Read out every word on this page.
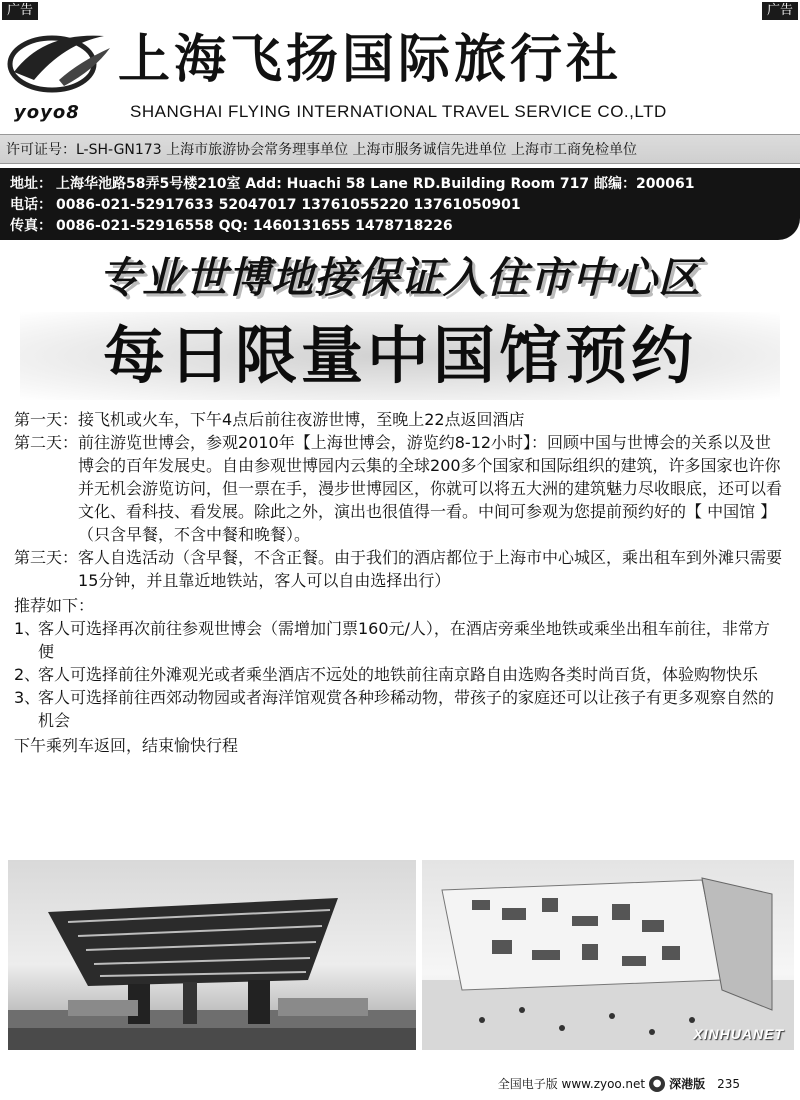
广告	广告
yoyo8
上海飞扬国际旅行社
SHANGHAI FLYING INTERNATIONAL TRAVEL SERVICE CO.,LTD
许可证号：L-SH-GN173 上海市旅游协会常务理事单位 上海市服务诚信先进单位 上海市工商免检单位
地址： 上海华池路58弄5号楼210室 Add: Huachi 58 Lane RD.Building Room 717 邮编：200061
电话： 0086-021-52917633 52047017 13761055220 13761050901
传真： 0086-021-52916558 QQ: 1460131655 1478718226
专业世博地接保证入住市中心区
每日限量中国馆预约
第一天： 接飞机或火车，下午4点后前往夜游世博，至晚上22点返回酒店
第二天： 前往游览世博会，参观2010年【上海世博会，游览约8-12小时】：回顾中国与世博会的关系以及世博会的百年发展史。自由参观世博园内云集的全球200多个国家和国际组织的建筑，许多国家也许你并无机会游览访问，但一票在手，漫步世博园区，你就可以将五大洲的建筑魅力尽收眼底，还可以看文化、看科技、看发展。除此之外，演出也很值得一看。中间可参观为您提前预约好的【 中国馆 】（只含早餐，不含中餐和晚餐）。
第三天： 客人自选活动（含早餐，不含正餐。由于我们的酒店都位于上海市中心城区，乘出租车到外滩只需要15分钟，并且靠近地铁站，客人可以自由选择出行）
推荐如下：
1、
客人可选择再次前往参观世博会（需增加门票160元/人），在酒店旁乘坐地铁或乘坐出租车前往，非常方便
2、
客人可选择前往外滩观光或者乘坐酒店不远处的地铁前往南京路自由选购各类时尚百货，体验购物快乐
3、
客人可选择前往西郊动物园或者海洋馆观赏各种珍稀动物，带孩子的家庭还可以让孩子有更多观察自然的机会
下午乘列车返回，结束愉快行程
XINHUANET
全国电子版 www.zyoo.net ● 深港版 235
